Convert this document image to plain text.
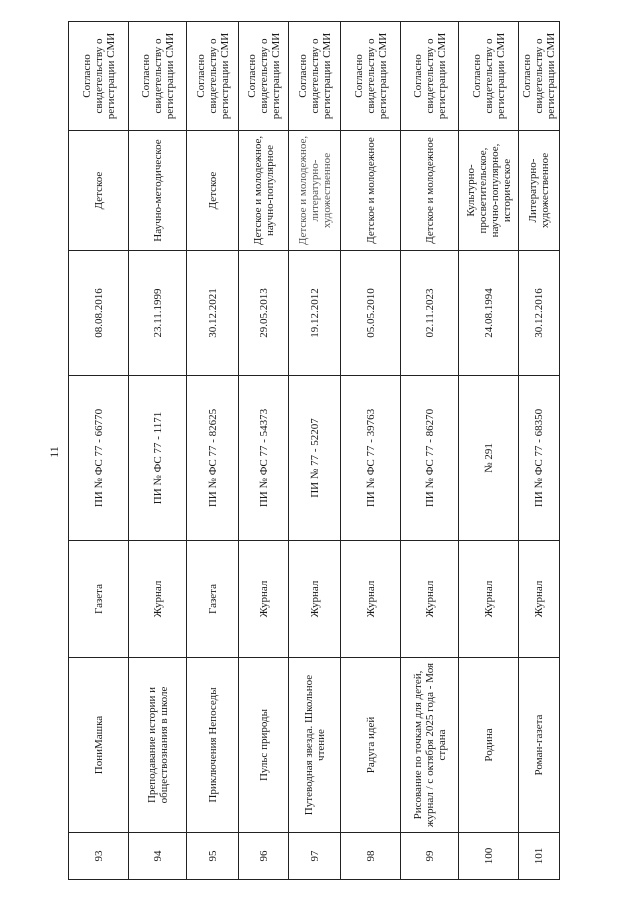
11
93	ПониМашка	Газета	ПИ № ФС 77 - 66770	08.08.2016	Детское	Согласно свидетельству о регистрации СМИ
94	Преподавание истории и обществознания в школе	Журнал	ПИ № ФС 77 - 1171	23.11.1999	Научно-методическое	Согласно свидетельству о регистрации СМИ
95	Приключения Непоседы	Газета	ПИ № ФС 77 - 82625	30.12.2021	Детское	Согласно свидетельству о регистрации СМИ
96	Пульс природы	Журнал	ПИ № ФС 77 - 54373	29.05.2013	Детское и молодежное, научно-популярное	Согласно свидетельству о регистрации СМИ
97	Путеводная звезда. Школьное чтение	Журнал	ПИ № 77 - 52207	19.12.2012	Детское и молодежное, литературно-художественное	Согласно свидетельству о регистрации СМИ
98	Радуга идей	Журнал	ПИ № ФС 77 - 39763	05.05.2010	Детское и молодежное	Согласно свидетельству о регистрации СМИ
99	Рисование по точкам для детей, журнал / с октября 2025 года - Моя страна	Журнал	ПИ № ФС 77 - 86270	02.11.2023	Детское и молодежное	Согласно свидетельству о регистрации СМИ
100	Родина	Журнал	№ 291	24.08.1994	Культурно-просветительское, научно-популярное, историческое	Согласно свидетельству о регистрации СМИ
101	Роман-газета	Журнал	ПИ № ФС 77 - 68350	30.12.2016	Литературно-художественное	Согласно свидетельству о регистрации СМИ
